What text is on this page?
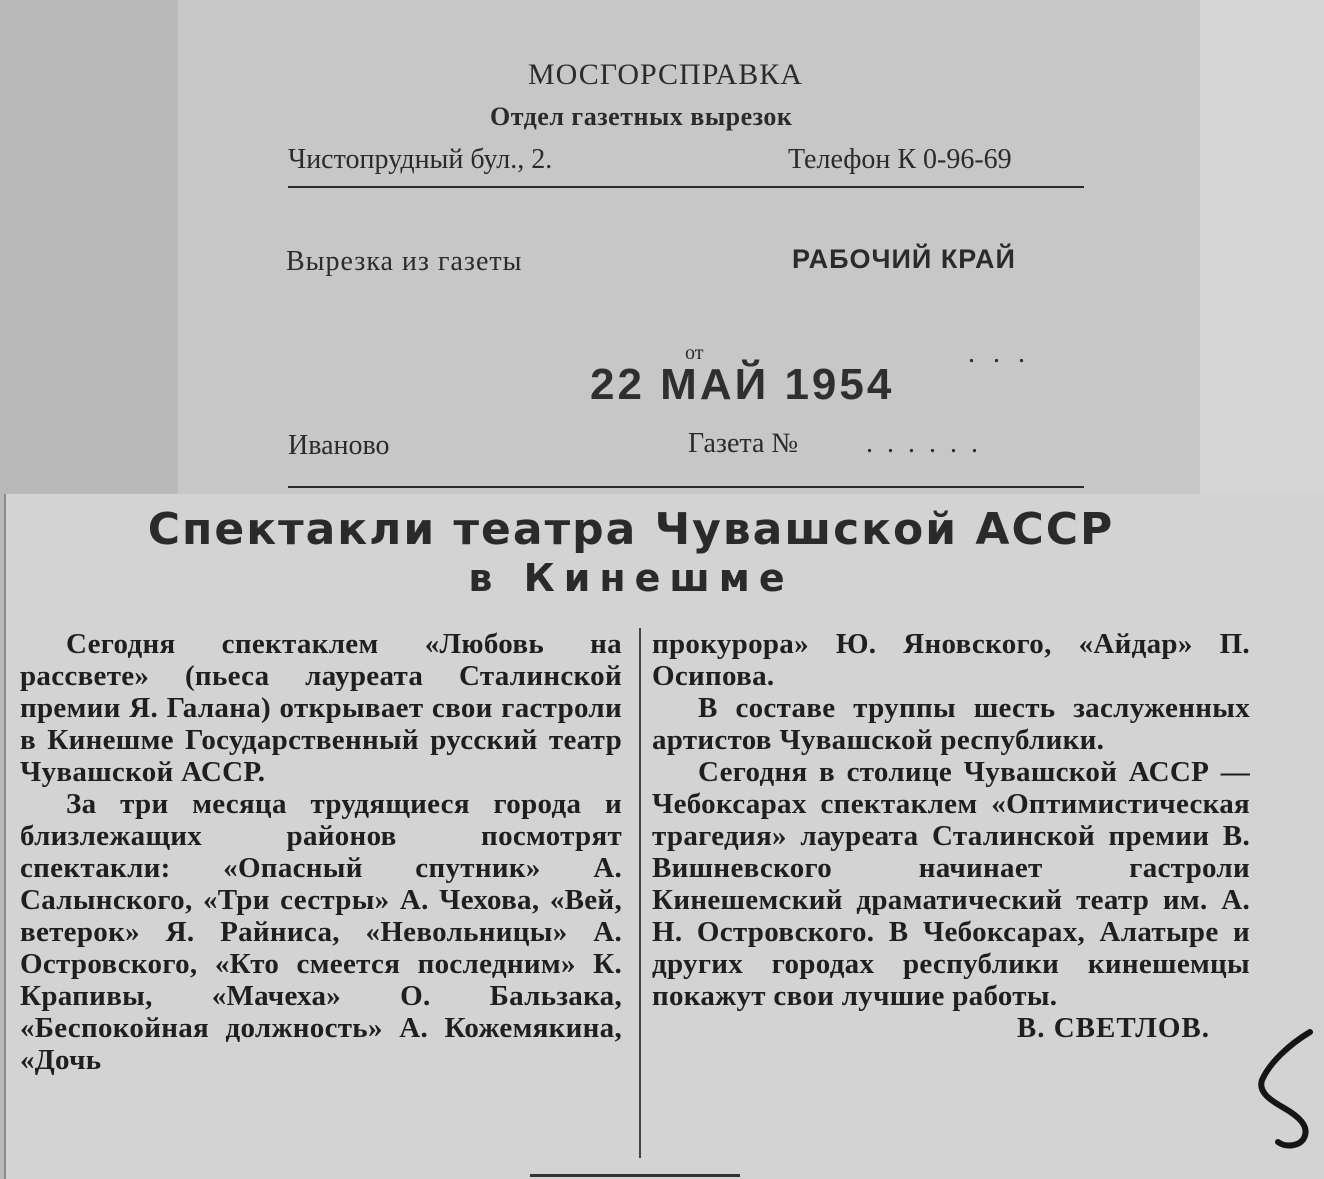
МОСГОРСПРАВКА
Отдел газетных вырезок
Чистопрудный бул., 2.	Телефон К 0-96-69
Вырезка из газеты	РАБОЧИЙ КРАЙ
от
22 МАЙ 1954
...
Иваново	Газета № ......
Спектакли театра Чувашской АССР
в Кинешме

Сегодня спектаклем «Любовь на рассвете» (пьеса лауреата Сталинской премии Я. Галана) открывает свои гастроли в Кинешме Государственный русский театр Чувашской АССР.

За три месяца трудящиеся города и близлежащих районов посмотрят спектакли: «Опасный спутник» А. Салынского, «Три сестры» А. Чехова, «Вей, ветерок» Я. Райниса, «Невольницы» А. Островского, «Кто смеется последним» К. Крапивы, «Мачеха» О. Бальзака, «Беспокойная должность» А. Кожемякина, «Дочь

прокурора» Ю. Яновского, «Айдар» П. Осипова.

В составе труппы шесть заслуженных артистов Чувашской республики.

Сегодня в столице Чувашской АССР — Чебоксарах спектаклем «Оптимистическая трагедия» лауреата Сталинской премии В. Вишневского начинает гастроли Кинешемский драматический театр им. А. Н. Островского. В Чебоксарах, Алатыре и других городах республики кинешемцы покажут свои лучшие работы.

В. СВЕТЛОВ.
